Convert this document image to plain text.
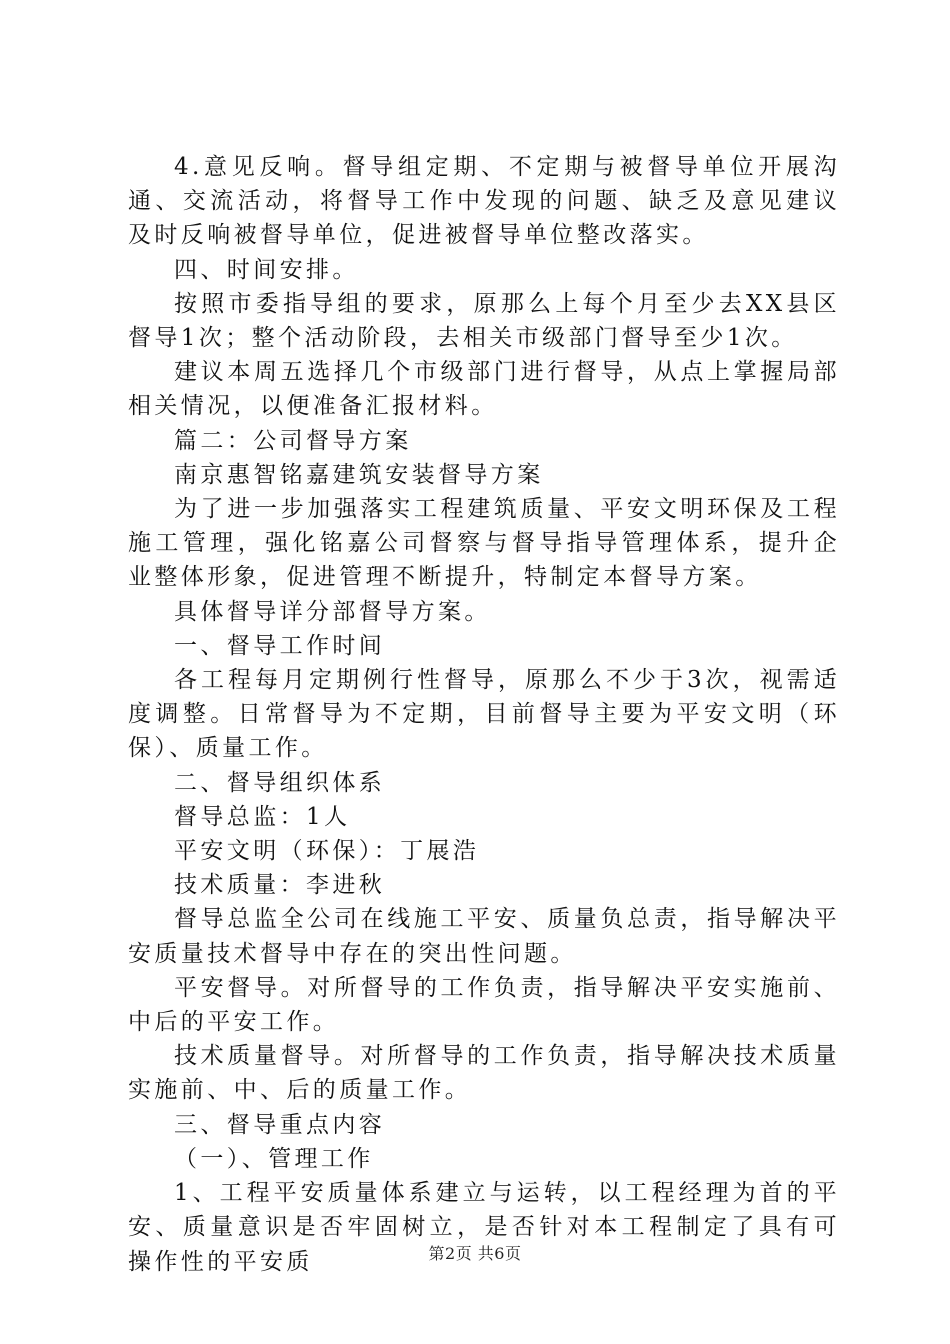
4.意见反响。督导组定期、不定期与被督导单位开展沟通、交流活动，将督导工作中发现的问题、缺乏及意见建议及时反响被督导单位，促进被督导单位整改落实。

四、时间安排。

按照市委指导组的要求，原那么上每个月至少去XX县区督导1次；整个活动阶段，去相关市级部门督导至少1次。

建议本周五选择几个市级部门进行督导，从点上掌握局部相关情况，以便准备汇报材料。

篇二：公司督导方案

南京惠智铭嘉建筑安装督导方案

为了进一步加强落实工程建筑质量、平安文明环保及工程施工管理，强化铭嘉公司督察与督导指导管理体系，提升企业整体形象，促进管理不断提升，特制定本督导方案。

具体督导详分部督导方案。

一、督导工作时间

各工程每月定期例行性督导，原那么不少于3次，视需适度调整。日常督导为不定期，目前督导主要为平安文明（环保）、质量工作。

二、督导组织体系

督导总监：1人

平安文明（环保）：丁展浩

技术质量：李进秋

督导总监全公司在线施工平安、质量负总责，指导解决平安质量技术督导中存在的突出性问题。

平安督导。对所督导的工作负责，指导解决平安实施前、中后的平安工作。

技术质量督导。对所督导的工作负责，指导解决技术质量实施前、中、后的质量工作。

三、督导重点内容

（一）、管理工作

1、工程平安质量体系建立与运转，以工程经理为首的平安、质量意识是否牢固树立，是否针对本工程制定了具有可操作性的平安质	第2页 共6页
